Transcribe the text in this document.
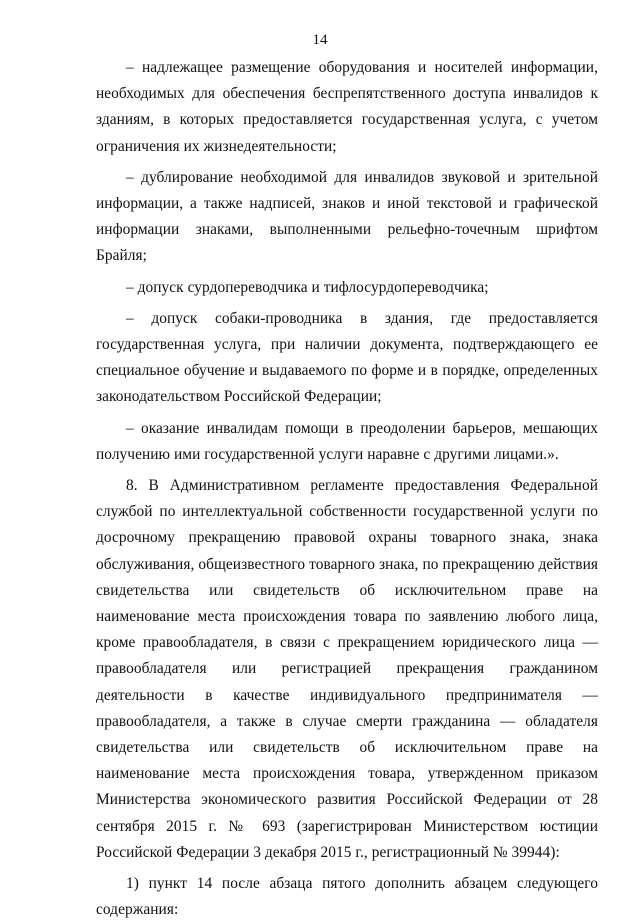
14

– надлежащее размещение оборудования и носителей информации, необходимых для обеспечения беспрепятственного доступа инвалидов к зданиям, в которых предоставляется государственная услуга, с учетом ограничения их жизнедеятельности;

– дублирование необходимой для инвалидов звуковой и зрительной информации, а также надписей, знаков и иной текстовой и графической информации знаками, выполненными рельефно-точечным шрифтом Брайля;

– допуск сурдопереводчика и тифлосурдопереводчика;

– допуск собаки-проводника в здания, где предоставляется государственная услуга, при наличии документа, подтверждающего ее специальное обучение и выдаваемого по форме и в порядке, определенных законодательством Российской Федерации;

– оказание инвалидам помощи в преодолении барьеров, мешающих получению ими государственной услуги наравне с другими лицами.».

8. В Административном регламенте предоставления Федеральной службой по интеллектуальной собственности государственной услуги по досрочному прекращению правовой охраны товарного знака, знака обслуживания, общеизвестного товарного знака, по прекращению действия свидетельства или свидетельств об исключительном праве на наименование места происхождения товара по заявлению любого лица, кроме правообладателя, в связи с прекращением юридического лица — правообладателя или регистрацией прекращения гражданином деятельности в качестве индивидуального предпринимателя — правообладателя, а также в случае смерти гражданина — обладателя свидетельства или свидетельств об исключительном праве на наименование места происхождения товара, утвержденном приказом Министерства экономического развития Российской Федерации от 28 сентября 2015 г. № 693 (зарегистрирован Министерством юстиции Российской Федерации 3 декабря 2015 г., регистрационный № 39944):

1) пункт 14 после абзаца пятого дополнить абзацем следующего содержания:
